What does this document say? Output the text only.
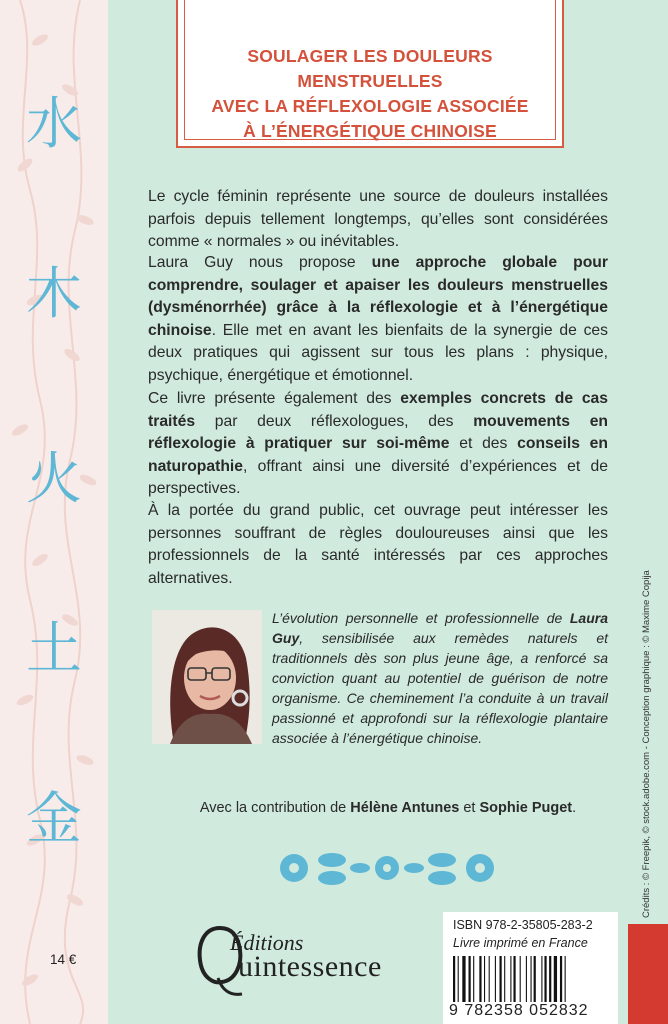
水
木
火
土
金
SOULAGER LES DOULEURS MENSTRUELLES
AVEC LA RÉFLEXOLOGIE ASSOCIÉE
À L’ÉNERGÉTIQUE CHINOISE
Le cycle féminin représente une source de douleurs installées parfois depuis tellement longtemps, qu’elles sont considérées comme « normales » ou inévitables.
Laura Guy nous propose une approche globale pour comprendre, soulager et apaiser les douleurs menstruelles (dysménorrhée) grâce à la réflexologie et à l’énergétique chinoise. Elle met en avant les bienfaits de la synergie de ces deux pratiques qui agissent sur tous les plans : physique, psychique, énergétique et émotionnel.
Ce livre présente également des exemples concrets de cas traités par deux réflexologues, des mouvements en réflexologie à pratiquer sur soi-même et des conseils en naturopathie, offrant ainsi une diversité d’expériences et de perspectives.
À la portée du grand public, cet ouvrage peut intéresser les personnes souffrant de règles douloureuses ainsi que les professionnels de la santé intéressés par ces approches alternatives.
L’évolution personnelle et professionnelle de Laura Guy, sensibilisée aux remèdes naturels et traditionnels dès son plus jeune âge, a renforcé sa conviction quant au potentiel de guérison de notre organisme. Ce cheminement l’a conduite à un travail passionné et approfondi sur la réflexologie plantaire associée à l’énergétique chinoise.
Avec la contribution de Hélène Antunes et Sophie Puget.
ISBN 978-2-35805-283-2
Livre imprimé en France
9 782358 052832
Éditions
uintessence
14 €
Crédits : © Freepik, © stock.adobe.com - Conception graphique : © Maxime Copija
